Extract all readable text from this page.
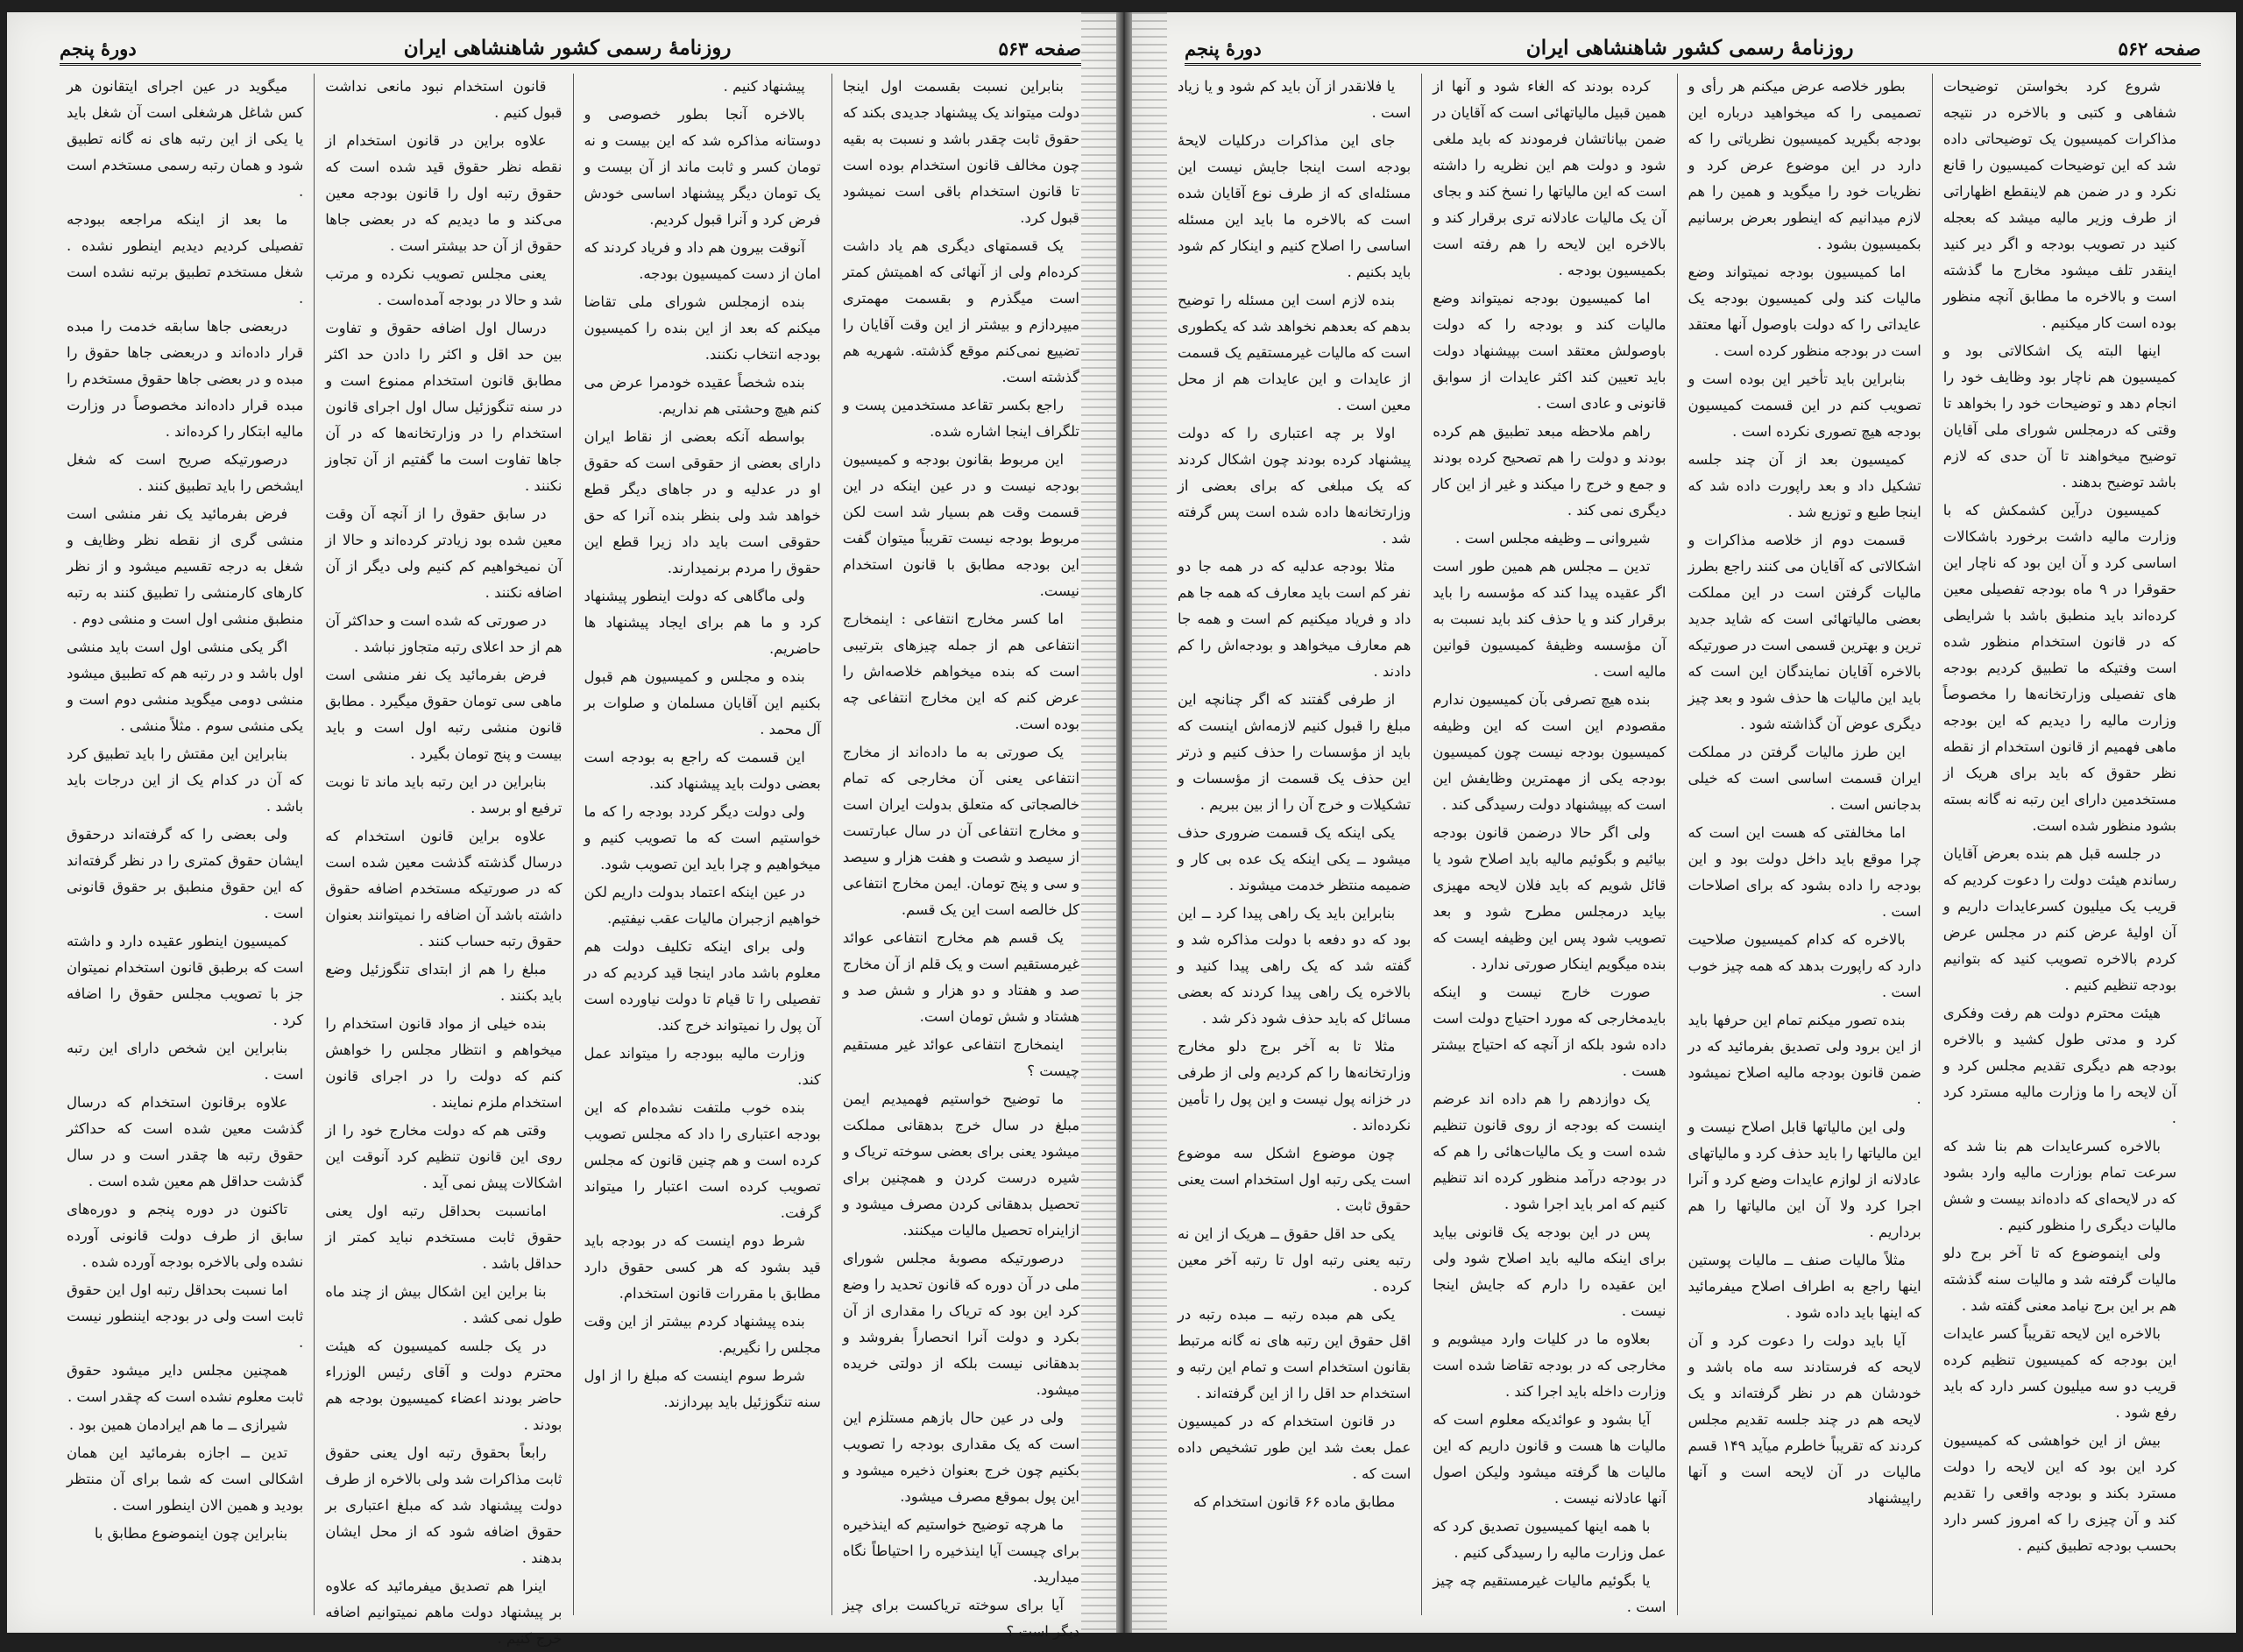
صفحه ۵۶۳
روزنامهٔ رسمی کشور شاهنشاهی ایران
دورهٔ پنجم

بنابراین نسبت بقسمت اول اینجا دولت میتواند یک پیشنهاد جدیدی بکند که حقوق ثابت چقدر باشد و نسبت به بقیه چون مخالف قانون استخدام بوده است تا قانون استخدام باقی است نمیشود قبول کرد.

یک قسمتهای دیگری هم یاد داشت کرده‌ام ولی از آنهائی که اهمیتش کمتر است میگذرم و بقسمت مهمتری میپردازم و بیشتر از این وقت آقایان را تضییع نمی‌کنم موقع گذشته. شهریه هم گذشته است.

راجع بکسر تقاعد مستخدمین پست و تلگراف اینجا اشاره شده.

این مربوط بقانون بودجه و کمیسیون بودجه نیست و در عین اینکه در این قسمت وقت هم بسیار شد است لکن مربوط بودجه نیست تقریباً میتوان گفت این بودجه مطابق با قانون استخدام نیست.

اما کسر مخارج انتفاعی : اینمخارج انتفاعی هم از جمله چیزهای بترتیبی است که بنده میخواهم خلاصه‌اش را عرض کنم که این مخارج انتفاعی چه بوده است.

یک صورتی به ما داده‌اند از مخارج انتفاعی یعنی آن مخارجی که تمام خالصجاتی که متعلق بدولت ایران است و مخارج انتفاعی آن در سال عبارتست از سیصد و شصت و هفت هزار و سیصد و سی و پنج تومان. ایمن مخارج انتفاعی کل خالصه است این یک قسم.

یک قسم هم مخارج انتفاعی عوائد غیرمستقیم است و یک قلم از آن مخارج صد و هفتاد و دو هزار و شش صد و هشتاد و شش تومان است.

اینمخارج انتفاعی عوائد غیر مستقیم چیست ؟

ما توضیح خواستیم فهمیدیم ایمن مبلغ در سال خرج بدهقانی مملکت میشود یعنی برای بعضی سوخته تریاک و شیره درست کردن و همچنین برای تحصیل بدهقانی کردن مصرف میشود و ازاینراه تحصیل مالیات میکنند.

درصورتیکه مصوبهٔ مجلس شورای ملی در آن دوره که قانون تحدید را وضع کرد این بود که تریاک را مقداری از آن بکرد و دولت آنرا انحصاراً بفروشد و بدهقانی نیست بلکه از دولتی خریده میشود.

ولی در عین حال بازهم مستلزم این است که یک مقداری بودجه را تصویب بکنیم چون خرج بعنوان ذخیره میشود و این پول بموقع مصرف میشود.

ما هرچه توضیح خواستیم که اینذخیره برای چیست آیا اینذخیره را احتیاطاً نگاه میدارید.

آیا برای سوخته تریاکست برای چیز دیگر است ؟

پیشنهاد کنیم .

بالاخره آنجا بطور خصوصی و دوستانه مذاکره شد که این بیست و نه تومان کسر و ثابت ماند از آن بیست و یک تومان دیگر پیشنهاد اساسی خودش فرض کرد و آنرا قبول کردیم.

آنوقت بیرون هم داد و فریاد کردند که امان از دست کمیسیون بودجه.

بنده ازمجلس شورای ملی تقاضا میکنم که بعد از این بنده را کمیسیون بودجه انتخاب نکنند.

بنده شخصاً عقیده خودمرا عرض می کنم هیچ وحشتی هم نداریم.

بواسطه آنکه بعضی از نقاط ایران دارای بعضی از حقوقی است که حقوق او در عدلیه و در جاهای دیگر قطع خواهد شد ولی بنظر بنده آنرا که حق حقوقی است باید داد زیرا قطع این حقوق را مردم برنمیدارند.

ولی ماگاهی که دولت اینطور پیشنهاد کرد و ما هم برای ایجاد پیشنهاد ها حاضریم.

بنده و مجلس و کمیسیون هم قبول بکنیم این آقایان مسلمان و صلوات بر آل محمد .

این قسمت که راجع به بودجه است بعضی دولت باید پیشنهاد کند.

ولی دولت دیگر کردد بودجه را که ما خواستیم است که ما تصویب کنیم و میخواهیم و چرا باید این تصویب شود.

در عین اینکه اعتماد بدولت داریم لکن خواهیم ازجبران مالیات عقب نیفتیم.

ولی برای اینکه تکلیف دولت هم معلوم باشد مادر اینجا قید کردیم که در تفصیلی را تا قیام تا دولت نیاورده است آن پول را نمیتواند خرج کند.

وزارت مالیه ببودجه را میتواند عمل کند.

بنده خوب ملتفت نشده‌ام که این بودجه اعتباری را داد که مجلس تصویب کرده است و هم چنین قانون که مجلس تصویب کرده است اعتبار را میتواند گرفت.

شرط دوم اینست که در بودجه باید قید بشود که هر کسی حقوق دارد مطابق با مقررات قانون استخدام.

بنده پیشنهاد کردم بیشتر از این وقت مجلس را نگیریم.

شرط سوم اینست که مبلغ را از اول سنه تنگوزئیل باید بپردازند.

قانون استخدام نبود مانعی نداشت قبول کنیم .

علاوه براین در قانون استخدام از نقطه نظر حقوق قید شده است که حقوق رتبه اول را قانون بودجه معین می‌کند و ما دیدیم که در بعضی جاها حقوق از آن حد بیشتر است .

یعنی مجلس تصویب نکرده و مرتب شد و حالا در بودجه آمده‌است .

درسال اول اضافه حقوق و تفاوت بین حد اقل و اکثر را دادن حد اکثر مطابق قانون استخدام ممنوع است و در سنه تنگوزئیل سال اول اجرای قانون استخدام را در وزارتخانه‌ها که در آن جاها تفاوت است ما گفتیم از آن تجاوز نکنند .

در سابق حقوق را از آنچه آن وقت معین شده بود زیادتر کرده‌اند و حالا از آن نمیخواهیم کم کنیم ولی دیگر از آن اضافه نکنند .

در صورتی که شده است و حداکثر آن هم از حد اعلای رتبه متجاوز نباشد .

فرض بفرمائید یک نفر منشی است ماهی سی تومان حقوق میگیرد . مطابق قانون منشی رتبه اول است و باید بیست و پنج تومان بگیرد .

بنابراین در این رتبه باید ماند تا نوبت ترفیع او برسد .

علاوه براین قانون استخدام که درسال گذشته گذشت معین شده است که در صورتیکه مستخدم اضافه حقوق داشته باشد آن اضافه را نمیتوانند بعنوان حقوق رتبه حساب کنند .

مبلغ را هم از ابتدای تنگوزئیل وضع باید بکنند .

بنده خیلی از مواد قانون استخدام را میخواهم و انتظار مجلس را خواهش کنم که دولت را در اجرای قانون استخدام ملزم نمایند .

وقتی هم که دولت مخارج خود را از روی این قانون تنظیم کرد آنوقت این اشکالات پیش نمی آید .

امانسبت بحداقل رتبه اول یعنی حقوق ثابت مستخدم نباید کمتر از حداقل باشد .

بنا براین این اشکال بیش از چند ماه طول نمی کشد .

در یک جلسه کمیسیون که هیئت محترم دولت و آقای رئیس الوزراء حاضر بودند اعضاء کمیسیون بودجه هم بودند .

رابعاً بحقوق رتبه اول یعنی حقوق ثابت مذاکرات شد ولی بالاخره از طرف دولت پیشنهاد شد که مبلغ اعتباری بر حقوق اضافه شود که از محل ایشان بدهند .

اینرا هم تصدیق میفرمائید که علاوه بر پیشنهاد دولت ماهم نمیتوانیم اضافه خرج کنیم .

میگوید در عین اجرای ایتقانون هر کس شاغل هرشغلی است آن شغل باید یا یکی از این رتبه های نه گانه تطبیق شود و همان رتبه رسمی مستخدم است .

ما بعد از اینکه مراجعه ببودجه تفصیلی کردیم دیدیم اینطور نشده . شغل مستخدم تطبیق برتبه نشده است .

دربعضی جاها سابقه خدمت را مبده قرار داده‌اند و دربعضی جاها حقوق را مبده و در بعضی جاها حقوق مستخدم را مبده قرار داده‌اند مخصوصاً در وزارت مالیه ابتکار را کرده‌اند .

درصورتیکه صریح است که شغل ایشخص را باید تطبیق کنند .

فرض بفرمائید یک نفر منشی است منشی گری از نقطه نظر وظایف و شغل به درجه تقسیم میشود و از نظر کارهای کارمنشی را تطبیق کنند به رتبه منطبق منشی اول است و منشی دوم .

اگر یکی منشی اول است باید منشی اول باشد و در رتبه هم که تطبیق میشود منشی دومی میگوید منشی دوم است و یکی منشی سوم . مثلاً منشی .

بنابراین این مقتش را باید تطبیق کرد که آن در کدام یک از این درجات باید باشد .

ولی بعضی را که گرفته‌اند درحقوق ایشان حقوق کمتری را در نظر گرفته‌اند که این حقوق منطبق بر حقوق قانونی است .

کمیسیون اینطور عقیده دارد و داشته است که برطبق قانون استخدام نمیتوان جز با تصویب مجلس حقوق را اضافه کرد .

بنابراین این شخص دارای این رتبه است .

علاوه برقانون استخدام که درسال گذشت معین شده است که حداکثر حقوق رتبه ها چقدر است و در سال گذشت حداقل هم معین شده است .

تاکنون در دوره پنجم و دوره‌های سابق از طرف دولت قانونی آورده نشده ولی بالاخره بودجه آورده شده .

اما نسبت بحداقل رتبه اول این حقوق ثابت است ولی در بودجه ایننطور نیست .

همچنین مجلس دایر میشود حقوق ثابت معلوم نشده است که چقدر است .

شیرازی ــ ما هم ایرادمان همین بود .

تدین ــ اجازه بفرمائید این همان اشکالی است که شما برای آن منتظر بودید و همین الان اینطور است .

بنابراین چون اینموضوع مطابق با

صفحه ۵۶۲
روزنامهٔ رسمی کشور شاهنشاهی ایران
دورهٔ پنجم

شروع کرد بخواستن توضیحات شفاهی و کتبی و بالاخره در نتیجه مذاکرات کمیسیون یک توضیحاتی داده شد که این توضیحات کمیسیون را قانع نکرد و در ضمن هم لاینقطع اظهاراتی از طرف وزیر مالیه میشد که بعجله کنید در تصویب بودجه و اگر دیر کنید اینقدر تلف میشود مخارج ما گذشته است و بالاخره ما مطابق آنچه منظور بوده است کار میکنیم .

اینها البته یک اشکالاتی بود و کمیسیون هم ناچار بود وظایف خود را انجام دهد و توضیحات خود را بخواهد تا وقتی که درمجلس شورای ملی آقایان توضیح میخواهند تا آن حدی که لازم باشد توضیح بدهند .

کمیسیون درآین کشمکش که با وزارت مالیه داشت برخورد باشکالات اساسی کرد و آن این بود که ناچار این حقوقرا در ۹ ماه بودجه تفصیلی معین کرده‌اند باید منطبق باشد با شرایطی که در قانون استخدام منظور شده است وفتیکه ما تطبیق کردیم بودجه های تفصیلی وزارتخانه‌ها را مخصوصاً وزارت مالیه را دیدیم که این بودجه ماهی فهمیم از قانون استخدام از نقطه نظر حقوق که باید برای هریک از مستخدمین دارای این رتبه نه گانه بسته بشود منظور شده است.

در جلسه قبل هم بنده بعرض آقایان رساندم هیئت دولت را دعوت کردیم که قریب یک میلیون کسرعایدات داریم و آن اولیهٔ عرض کنم در مجلس عرض کردم بالاخره تصویب کنید که بتوانیم بودجه تنظیم کنیم .

هیئت محترم دولت هم رفت وفکری کرد و مدتی طول کشید و بالاخره بودجه هم دیگری تقدیم مجلس کرد و آن لایحه را ما وزارت مالیه مسترد کرد .

بالاخره کسرعایدات هم بنا شد که سرعت تمام بوزارت مالیه وارد بشود که در لایحه‌ای که داده‌اند بیست و شش مالیات دیگری را منظور کنیم .

ولی اینموضوع که تا آخر برج دلو مالیات گرفته شد و مالیات سنه گذشته هم بر این برج نیامد معنی گفته شد .

بالاخره این لایحه تقریباً کسر عایدات این بودجه که کمیسیون تنظیم کرده قریب دو سه میلیون کسر دارد که باید رفع شود .

بیش از این خواهشی که کمیسیون کرد این بود که این لایحه را دولت مسترد بکند و بودجه واقعی را تقدیم کند و آن چیزی را که امروز کسر دارد بحسب بودجه تطبیق کنیم .

بطور خلاصه عرض میکنم هر رأی و تصمیمی را که میخواهید درباره این بودجه بگیرید کمیسیون نظریاتی را که دارد در این موضوع عرض کرد و نظریات خود را میگوید و همین را هم لازم میدانیم که اینطور بعرض برسانیم بکمیسیون بشود .

اما کمیسیون بودجه نمیتواند وضع مالیات کند ولی کمیسیون بودجه یک عایداتی را که دولت باوصول آنها معتقد است در بودجه منظور کرده است .

بنابراین باید تأخیر این بوده است و تصویب کنم در این قسمت کمیسیون بودجه هیچ تصوری نکرده است .

کمیسیون بعد از آن چند جلسه تشکیل داد و بعد راپورت داده شد که اینجا طبع و توزیع شد .

قسمت دوم از خلاصه مذاکرات و اشکالاتی که آقایان می کنند راجع بطرز مالیات گرفتن است در این مملکت بعضی مالیاتهائی است که شاید جدید ترین و بهترین قسمی است در صورتیکه بالاخره آقایان نمایندگان این است که باید این مالیات ها حذف شود و بعد چیز دیگری عوض آن گذاشته شود .

این طرز مالیات گرفتن در مملکت ایران قسمت اساسی است که خیلی بدجانس است .

اما مخالفتی که هست این است که چرا موقع باید داخل دولت بود و این بودجه را داده بشود که برای اصلاحات است .

بالاخره که کدام کمیسیون صلاحیت دارد که راپورت بدهد که همه چیز خوب است .

بنده تصور میکنم تمام این حرفها باید از این برود ولی تصدیق بفرمائید که در ضمن قانون بودجه مالیه اصلاح نمیشود .

ولی این مالیاتها قابل اصلاح نیست و این مالیاتها را باید حذف کرد و مالیاتهای عادلانه از لوازم عایدات وضع کرد و آنرا اجرا کرد ولا آن این مالیاتها را هم برداریم .

مثلاً مالیات صنف ــ مالیات پوستین اینها راجع به اطراف اصلاح میفرمائید که اینها باید داده شود .

آیا باید دولت را دعوت کرد و آن لایحه که فرستادند سه ماه باشد و خودشان هم در نظر گرفته‌اند و یک لایحه هم در چند جلسه تقدیم مجلس کردند که تقریباً خاطرم میآید ۱۴۹ قسم مالیات در آن لایحه است و آنها راپیشنهاد

کرده بودند که الغاء شود و آنها از همین قبیل مالیاتهائی است که آقایان در ضمن بیاناتشان فرمودند که باید ملغی شود و دولت هم این نظریه را داشته است که این مالیاتها را نسخ کند و بجای آن یک مالیات عادلانه تری برقرار کند و بالاخره این لایحه را هم رفته است بکمیسیون بودجه .

اما کمیسیون بودجه نمیتواند وضع مالیات کند و بودجه را که دولت باوصولش معتقد است بپیشنهاد دولت باید تعیین کند اکثر عایدات از سوابق قانونی و عادی است .

راهم ملاحظه مبعد تطبیق هم کرده بودند و دولت را هم تصحیح کرده بودند و جمع و خرج را میکند و غیر از این کار دیگری نمی کند .

شیروانی ــ وظیفه مجلس است .

تدین ــ مجلس هم همین طور است اگر عقیده پیدا کند که مؤسسه را باید برقرار کند و یا حذف کند باید نسبت به آن مؤسسه وظیفهٔ کمیسیون قوانین مالیه است .

بنده هیچ تصرفی بآن کمیسیون ندارم مقصودم این است که این وظیفه کمیسیون بودجه نیست چون کمیسیون بودجه یکی از مهمترین وظایفش این است که بپیشنهاد دولت رسیدگی کند .

ولی اگر حالا درضمن قانون بودجه بیائیم و بگوئیم مالیه باید اصلاح شود یا قائل شویم که باید فلان لایحه مهیزی بیاید درمجلس مطرح شود و بعد تصویب شود پس این وظیفه ایست که بنده میگویم اینکار صورتی ندارد .

صورت خارج نیست و اینکه بایدمخارجی که مورد احتیاج دولت است داده شود بلکه از آنچه که احتیاج بیشتر هست .

یک دوازدهم را هم داده اند عرضم اینست که بودجه از روی قانون تنظیم شده است و یک مالیات‌هائی را هم که در بودجه درآمد منظور کرده اند تنظیم کنیم که امر باید اجرا شود .

پس در این بودجه یک قانونی بیاید برای اینکه مالیه باید اصلاح شود ولی این عقیده را دارم که جایش اینجا نیست .

بعلاوه ما در کلیات وارد میشویم و مخارجی که در بودجه تقاضا شده است وزارت داخله باید اجرا کند .

آیا بشود و عوائدیکه معلوم است که مالیات ها هست و قانون داریم که این مالیات ها گرفته میشود ولیکن اصول آنها عادلانه نیست .

با همه اینها کمیسیون تصدیق کرد که عمل وزارت مالیه را رسیدگی کنیم .

یا بگوئیم مالیات غیرمستقیم چه چیز است .

یا فلانقدر از آن باید کم شود و یا زیاد است .

جای این مذاکرات درکلیات لایحهٔ بودجه است اینجا جایش نیست این مسئله‌ای که از طرف نوع آقایان شده است که بالاخره ما باید این مسئله اساسی را اصلاح کنیم و اینکار کم شود باید بکنیم .

بنده لازم است این مسئله را توضیح بدهم که بعدهم نخواهد شد که یکطوری است که مالیات غیرمستقیم یک قسمت از عایدات و این عایدات هم از محل معین است .

اولا بر چه اعتباری را که دولت پیشنهاد کرده بودند چون اشکال کردند که یک مبلغی که برای بعضی از وزارتخانه‌ها داده شده است پس گرفته شد .

مثلا بودجه عدلیه که در همه جا دو نفر کم است باید معارف که همه جا هم داد و فریاد میکنیم کم است و همه جا هم معارف میخواهد و بودجه‌اش را کم دادند .

از طرفی گفتند که اگر چنانچه این مبلغ را قبول کنیم لازمه‌اش اینست که باید از مؤسسات را حذف کنیم و ذرتر این حذف یک قسمت از مؤسسات و تشکیلات و خرج آن را از بین ببریم .

یکی اینکه یک قسمت ضروری حذف میشود ــ یکی اینکه یک عده بی کار و ضمیمه منتظر خدمت میشوند .

بنابراین باید یک راهی پیدا کرد ــ این بود که دو دفعه با دولت مذاکره شد و گفته شد که یک راهی پیدا کنید و بالاخره یک راهی پیدا کردند که بعضی مسائل که باید حذف شود ذکر شد .

مثلا تا به آخر برج دلو مخارج وزارتخانه‌ها را کم کردیم ولی از طرفی در خزانه پول نیست و این پول را تأمین نکرده‌اند .

چون موضوع اشکل سه موضوع است یکی رتبه اول استخدام است یعنی حقوق ثابت .

یکی حد اقل حقوق ــ هریک از این نه رتبه یعنی رتبه اول تا رتبه آخر معین کرده .

یکی هم مبده رتبه ــ مبده رتبه در اقل حقوق این رتبه های نه گانه مرتبط بقانون استخدام است و تمام این رتبه و استخدام حد اقل را از این گرفته‌اند .

در قانون استخدام که در کمیسیون عمل بعث شد این طور تشخیص داده است که .

مطابق ماده ۶۶ قانون استخدام که
